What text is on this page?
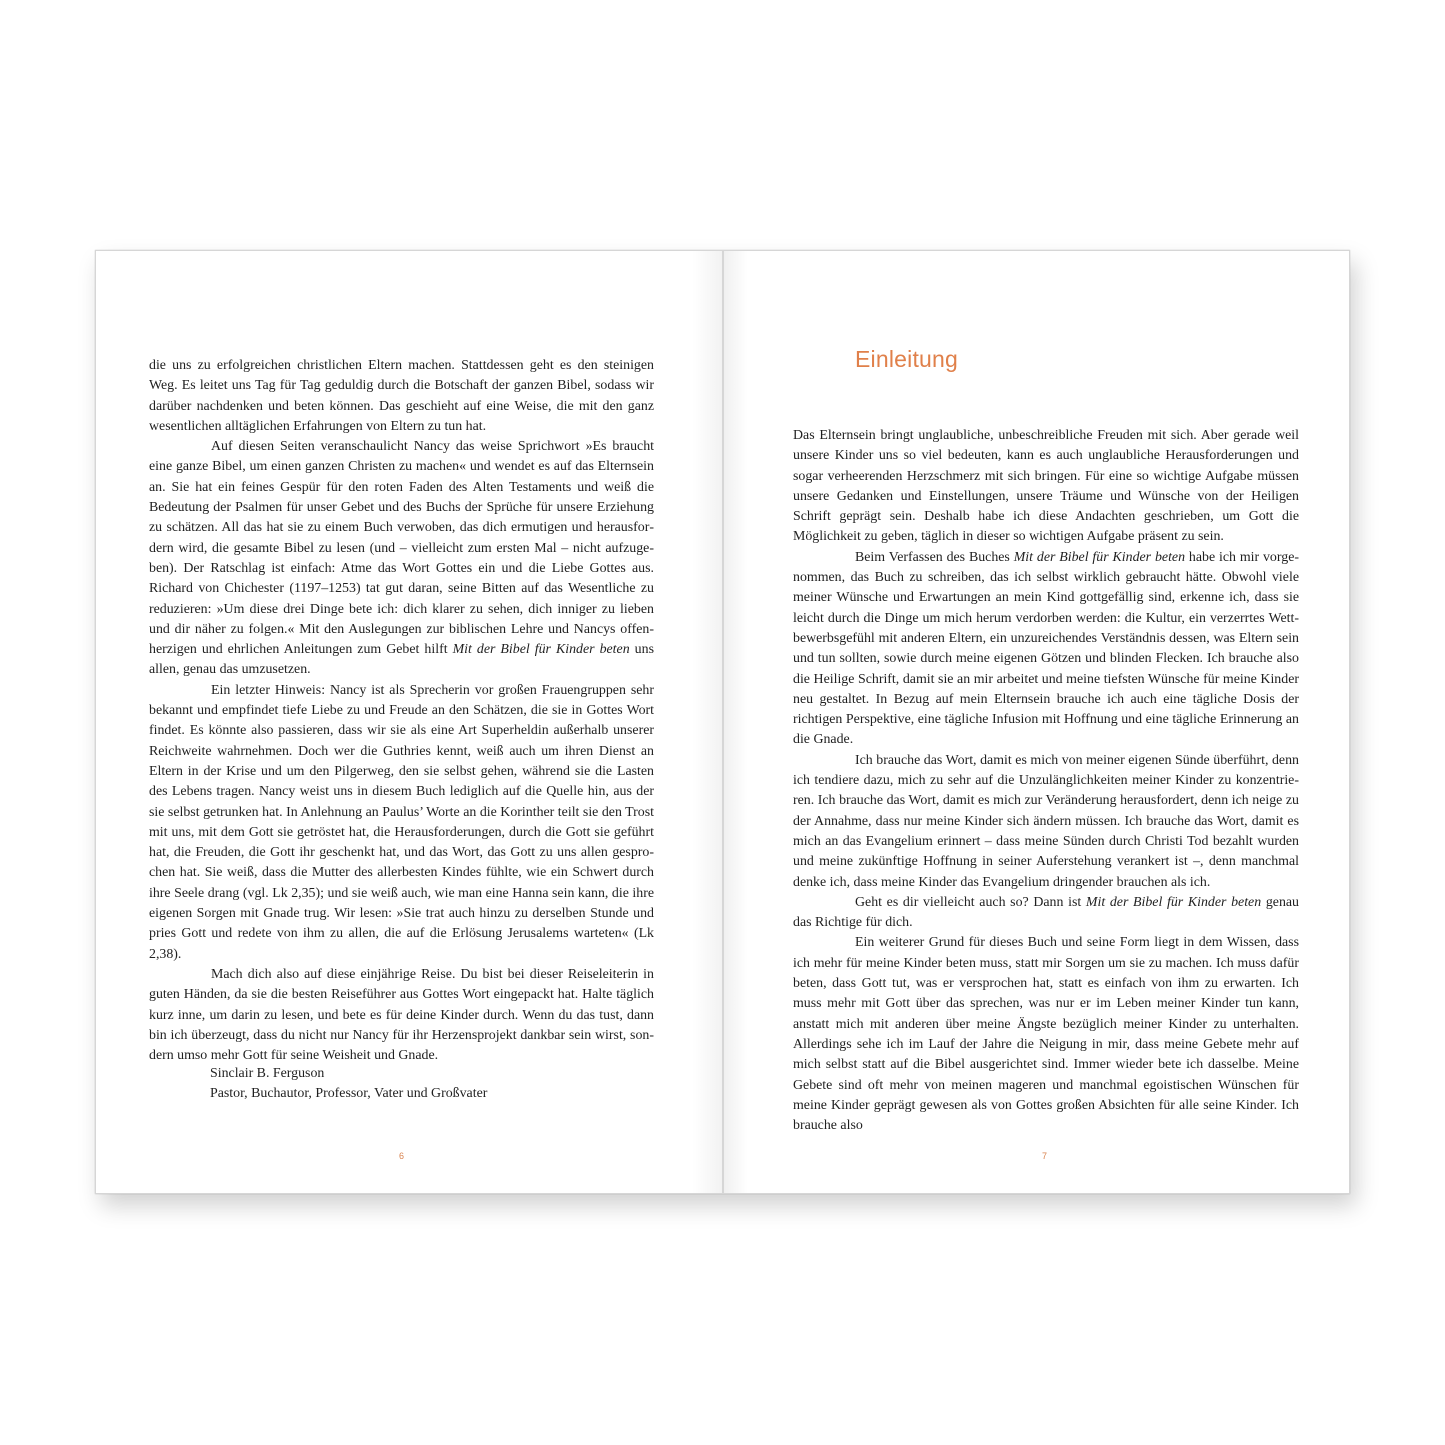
die uns zu erfolgreichen christlichen Eltern machen. Stattdessen geht es den steinigen Weg. Es leitet uns Tag für Tag geduldig durch die Botschaft der ganzen Bibel, sodass wir darüber nachdenken und beten können. Das geschieht auf eine Weise, die mit den ganz wesentlichen alltäglichen Erfahrungen von Eltern zu tun hat.

Auf diesen Seiten veranschaulicht Nancy das weise Sprichwort »Es braucht eine ganze Bibel, um einen ganzen Christen zu machen« und wendet es auf das Elternsein an. Sie hat ein feines Gespür für den roten Faden des Alten Testaments und weiß die Bedeutung der Psalmen für unser Gebet und des Buchs der Sprüche für unsere Erziehung zu schätzen. All das hat sie zu einem Buch verwoben, das dich ermutigen und herausfordern wird, die gesamte Bibel zu lesen (und – vielleicht zum ersten Mal – nicht aufzugeben). Der Ratschlag ist einfach: Atme das Wort Gottes ein und die Liebe Gottes aus. Richard von Chichester (1197–1253) tat gut daran, seine Bitten auf das Wesentliche zu reduzieren: »Um diese drei Dinge bete ich: dich klarer zu sehen, dich inniger zu lieben und dir näher zu folgen.« Mit den Auslegungen zur biblischen Lehre und Nancys offenherzigen und ehrlichen Anleitungen zum Gebet hilft Mit der Bibel für Kinder beten uns allen, genau das umzusetzen.

Ein letzter Hinweis: Nancy ist als Sprecherin vor großen Frauengruppen sehr bekannt und empfindet tiefe Liebe zu und Freude an den Schätzen, die sie in Gottes Wort findet. Es könnte also passieren, dass wir sie als eine Art Superheldin außerhalb unserer Reichweite wahrnehmen. Doch wer die Guthries kennt, weiß auch um ihren Dienst an Eltern in der Krise und um den Pilgerweg, den sie selbst gehen, während sie die Lasten des Lebens tragen. Nancy weist uns in diesem Buch lediglich auf die Quelle hin, aus der sie selbst getrunken hat. In Anlehnung an Paulus’ Worte an die Korinther teilt sie den Trost mit uns, mit dem Gott sie getröstet hat, die Herausforderungen, durch die Gott sie geführt hat, die Freuden, die Gott ihr geschenkt hat, und das Wort, das Gott zu uns allen gesprochen hat. Sie weiß, dass die Mutter des allerbesten Kindes fühlte, wie ein Schwert durch ihre Seele drang (vgl. Lk 2,35); und sie weiß auch, wie man eine Hanna sein kann, die ihre eigenen Sorgen mit Gnade trug. Wir lesen: »Sie trat auch hinzu zu derselben Stunde und pries Gott und redete von ihm zu allen, die auf die Erlösung Jerusalems warteten« (Lk 2,38).

Mach dich also auf diese einjährige Reise. Du bist bei dieser Reiseleiterin in guten Händen, da sie die besten Reiseführer aus Gottes Wort eingepackt hat. Halte täglich kurz inne, um darin zu lesen, und bete es für deine Kinder durch. Wenn du das tust, dann bin ich überzeugt, dass du nicht nur Nancy für ihr Herzensprojekt dankbar sein wirst, sondern umso mehr Gott für seine Weisheit und Gnade.

Sinclair B. Ferguson
Pastor, Buchautor, Professor, Vater und Großvater
6
Einleitung

Das Elternsein bringt unglaubliche, unbeschreibliche Freuden mit sich. Aber gerade weil unsere Kinder uns so viel bedeuten, kann es auch unglaubliche Herausforderungen und sogar verheerenden Herzschmerz mit sich bringen. Für eine so wichtige Aufgabe müssen unsere Gedanken und Einstellungen, unsere Träume und Wünsche von der Heiligen Schrift geprägt sein. Deshalb habe ich diese Andachten geschrieben, um Gott die Möglichkeit zu geben, täglich in dieser so wichtigen Aufgabe präsent zu sein.

Beim Verfassen des Buches Mit der Bibel für Kinder beten habe ich mir vorgenommen, das Buch zu schreiben, das ich selbst wirklich gebraucht hätte. Obwohl viele meiner Wünsche und Erwartungen an mein Kind gottgefällig sind, erkenne ich, dass sie leicht durch die Dinge um mich herum verdorben werden: die Kultur, ein verzerrtes Wettbewerbsgefühl mit anderen Eltern, ein unzureichendes Verständnis dessen, was Eltern sein und tun sollten, sowie durch meine eigenen Götzen und blinden Flecken. Ich brauche also die Heilige Schrift, damit sie an mir arbeitet und meine tiefsten Wünsche für meine Kinder neu gestaltet. In Bezug auf mein Elternsein brauche ich auch eine tägliche Dosis der richtigen Perspektive, eine tägliche Infusion mit Hoffnung und eine tägliche Erinnerung an die Gnade.

Ich brauche das Wort, damit es mich von meiner eigenen Sünde überführt, denn ich tendiere dazu, mich zu sehr auf die Unzulänglichkeiten meiner Kinder zu konzentrieren. Ich brauche das Wort, damit es mich zur Veränderung herausfordert, denn ich neige zu der Annahme, dass nur meine Kinder sich ändern müssen. Ich brauche das Wort, damit es mich an das Evangelium erinnert – dass meine Sünden durch Christi Tod bezahlt wurden und meine zukünftige Hoffnung in seiner Auferstehung verankert ist –, denn manchmal denke ich, dass meine Kinder das Evangelium dringender brauchen als ich.

Geht es dir vielleicht auch so? Dann ist Mit der Bibel für Kinder beten genau das Richtige für dich.

Ein weiterer Grund für dieses Buch und seine Form liegt in dem Wissen, dass ich mehr für meine Kinder beten muss, statt mir Sorgen um sie zu machen. Ich muss dafür beten, dass Gott tut, was er versprochen hat, statt es einfach von ihm zu erwarten. Ich muss mehr mit Gott über das sprechen, was nur er im Leben meiner Kinder tun kann, anstatt mich mit anderen über meine Ängste bezüglich meiner Kinder zu unterhalten. Allerdings sehe ich im Lauf der Jahre die Neigung in mir, dass meine Gebete mehr auf mich selbst statt auf die Bibel ausgerichtet sind. Immer wieder bete ich dasselbe. Meine Gebete sind oft mehr von meinen mageren und manchmal egoistischen Wünschen für meine Kinder geprägt gewesen als von Gottes großen Absichten für alle seine Kinder. Ich brauche also

7
